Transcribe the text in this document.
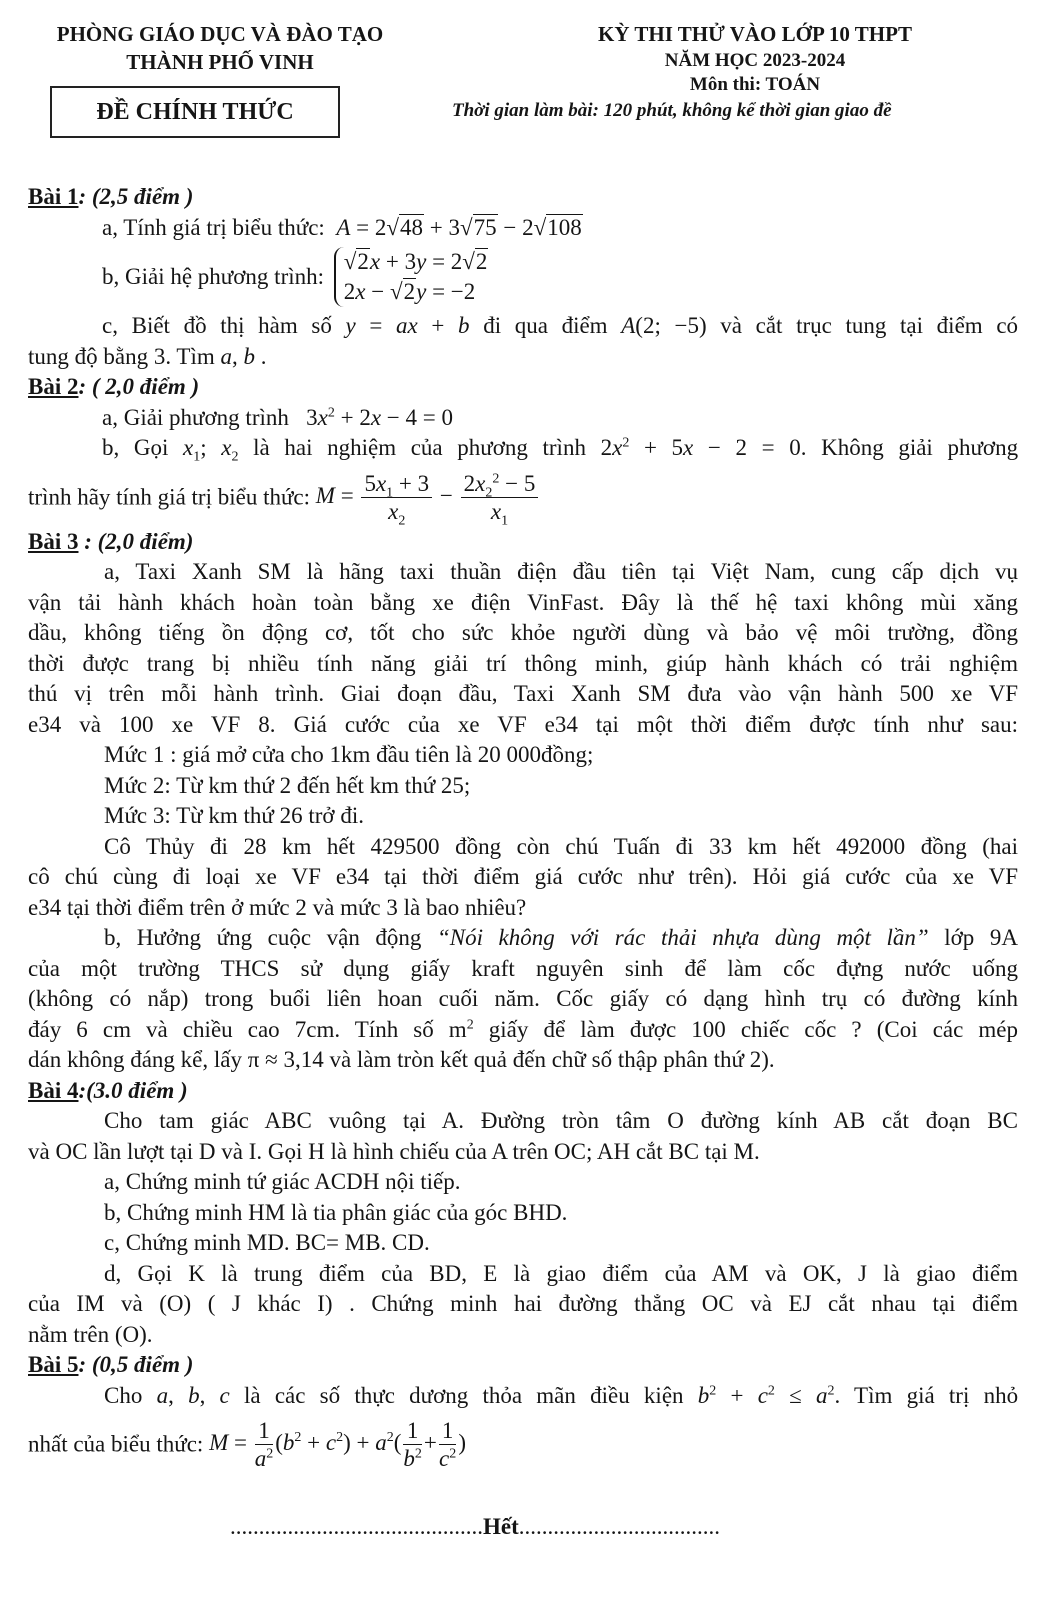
PHÒNG GIÁO DỤC VÀ ĐÀO TẠO
THÀNH PHỐ VINH
ĐỀ CHÍNH THỨC
KỲ THI THỬ VÀO LỚP 10 THPT
NĂM HỌC 2023-2024
Môn thi: TOÁN
Thời gian làm bài: 120 phút, không kể thời gian giao đề
Bài 1: (2,5 điểm )
a, Tính giá trị biểu thức: A = 2√48 + 3√75 − 2√108
b, Giải hệ phương trình: √2x + 3y = 2√2
2x − √2y = −2
c, Biết đồ thị hàm số y = ax + b đi qua điểm A(2; −5) và cắt trục tung tại điểm có
tung độ bằng 3. Tìm a, b .
Bài 2: ( 2,0 điểm )
a, Giải phương trình   $3x^2 + 2x - 4 = 0$
b, Gọi $x_1$; $x_2$ là hai nghiệm của phương trình $2x^2 + 5x - 2 = 0$. Không giải phương
trình hãy tính giá trị biểu thức: $M = \frac{5x_1 + 3}{x_2} - \frac{2x_2^2 - 5}{x_1}$
Bài 3 : (2,0 điểm)
a, Taxi Xanh SM là hãng taxi thuần điện đầu tiên tại Việt Nam, cung cấp dịch vụ
vận tải hành khách hoàn toàn bằng xe điện VinFast. Đây là thế hệ taxi không mùi xăng
dầu, không tiếng ồn động cơ, tốt cho sức khỏe người dùng và bảo vệ môi trường, đồng
thời được trang bị nhiều tính năng giải trí thông minh, giúp hành khách có trải nghiệm
thú vị trên mỗi hành trình. Giai đoạn đầu, Taxi Xanh SM đưa vào vận hành 500 xe VF
e34 và 100 xe VF 8. Giá cước của xe VF e34 tại một thời điểm được tính như sau:
Mức 1 : giá mở cửa cho 1km đầu tiên là 20 000đồng;
Mức 2: Từ km thứ 2 đến hết km thứ 25;
Mức 3: Từ km thứ 26 trở đi.
Cô Thủy đi 28 km hết 429500 đồng còn chú Tuấn đi 33 km hết 492000 đồng (hai
cô chú cùng đi loại xe VF e34 tại thời điểm giá cước như trên). Hỏi giá cước của xe VF
e34 tại thời điểm trên ở mức 2 và mức 3 là bao nhiêu?
b, Hưởng ứng cuộc vận động “Nói không với rác thải nhựa dùng một lần” lớp 9A
của một trường THCS sử dụng giấy kraft nguyên sinh để làm cốc đựng nước uống
(không có nắp) trong buổi liên hoan cuối năm. Cốc giấy có dạng hình trụ có đường kính
đáy 6 cm và chiều cao 7cm. Tính số $m^2$ giấy để làm được 100 chiếc cốc ? (Coi các mép
dán không đáng kể, lấy π ≈ 3,14 và làm tròn kết quả đến chữ số thập phân thứ 2).
Bài 4:(3.0 điểm )
Cho tam giác ABC vuông tại A. Đường tròn tâm O đường kính AB cắt đoạn BC
và OC lần lượt tại D và I. Gọi H là hình chiếu của A trên OC; AH cắt BC tại M.
a, Chứng minh tứ giác ACDH nội tiếp.
b, Chứng minh HM là tia phân giác của góc BHD.
c, Chứng minh MD. BC= MB. CD.
d, Gọi K là trung điểm của BD, E là giao điểm của AM và OK, J là giao điểm
của IM và (O) ( J khác I) . Chứng minh hai đường thẳng OC và EJ cắt nhau tại điểm
nằm trên (O).
Bài 5: (0,5 điểm )
Cho a, b, c là các số thực dương thỏa mãn điều kiện $b^2 + c^2 \le a^2$. Tìm giá trị nhỏ
nhất của biểu thức: $M = \frac{1}{a^2} (b^2 + c^2) + a^2( \frac{1}{b^2} + \frac{1}{c^2}$ )
............................................Hết...................................
